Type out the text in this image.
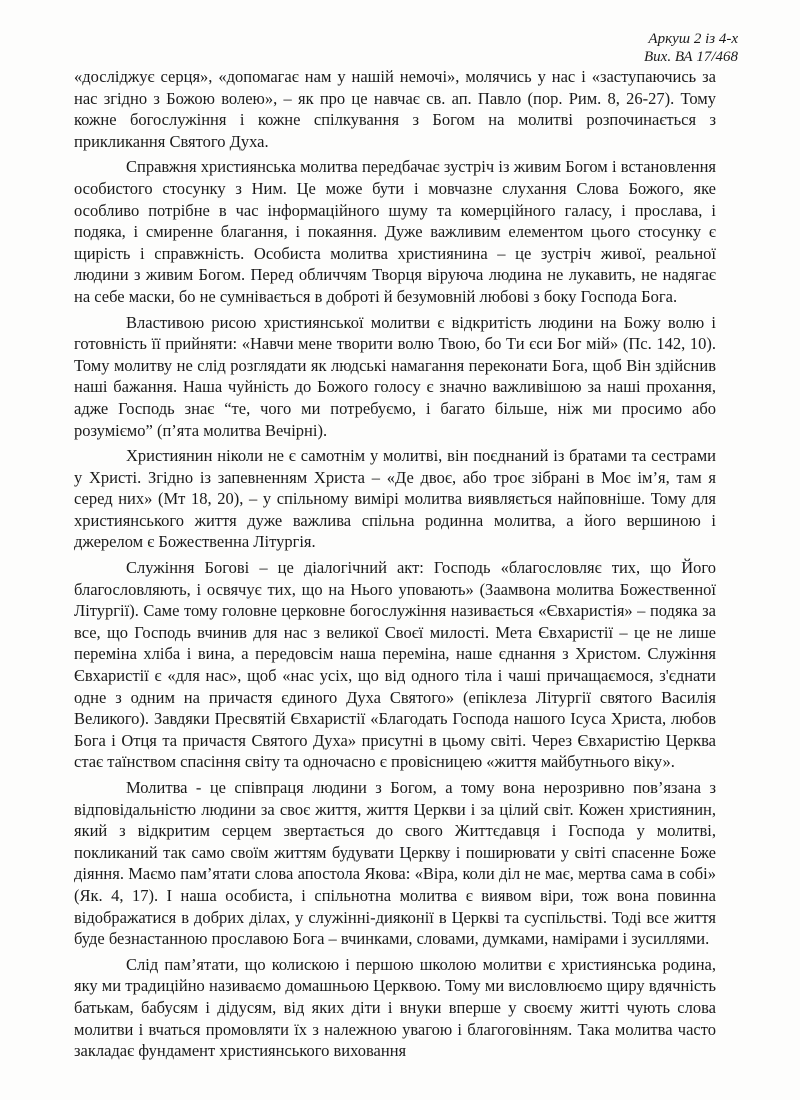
Аркуш 2 із 4-х
Вих. ВА 17/468

«досліджує серця», «допомагає нам у нашій немочі», молячись у нас і «заступаючись за нас згідно з Божою волею», – як про це навчає св. ап. Павло (пор. Рим. 8, 26-27). Тому кожне богослужіння і кожне спілкування з Богом на молитві розпочинається з прикликання Святого Духа.

Справжня християнська молитва передбачає зустріч із живим Богом і встановлення особистого стосунку з Ним. Це може бути і мовчазне слухання Слова Божого, яке особливо потрібне в час інформаційного шуму та комерційного галасу, і прослава, і подяка, і смиренне благання, і покаяння. Дуже важливим елементом цього стосунку є щирість і справжність. Особиста молитва християнина – це зустріч живої, реальної людини з живим Богом. Перед обличчям Творця віруюча людина не лукавить, не надягає на себе маски, бо не сумнівається в доброті й безумовній любові з боку Господа Бога.

Властивою рисою християнської молитви є відкритість людини на Божу волю і готовність її прийняти: «Навчи мене творити волю Твою, бо Ти єси Бог мій» (Пс. 142, 10). Тому молитву не слід розглядати як людські намагання переконати Бога, щоб Він здійснив наші бажання. Наша чуйність до Божого голосу є значно важливішою за наші прохання, адже Господь знає “те, чого ми потребуємо, і багато більше, ніж ми просимо або розуміємо” (п’ята молитва Вечірні).

Християнин ніколи не є самотнім у молитві, він поєднаний із братами та сестрами у Христі. Згідно із запевненням Христа – «Де двоє, або троє зібрані в Моє ім’я, там я серед них» (Мт 18, 20), – у спільному вимірі молитва виявляється найповніше. Тому для християнського життя дуже важлива спільна родинна молитва, а його вершиною і джерелом є Божественна Літургія.

Служіння Богові – це діалогічний акт: Господь «благословляє тих, що Його благословляють, і освячує тих, що на Нього уповають» (Заамвона молитва Божественної Літургії). Саме тому головне церковне богослужіння називається «Євхаристія» – подяка за все, що Господь вчинив для нас з великої Своєї милості. Мета Євхаристії – це не лише переміна хліба і вина, а передовсім наша переміна, наше єднання з Христом. Служіння Євхаристії є «для нас», щоб «нас усіх, що від одного тіла і чаші причащаємося, з'єднати одне з одним на причастя єдиного Духа Святого» (епіклеза Літургії святого Василія Великого). Завдяки Пресвятій Євхаристії «Благодать Господа нашого Ісуса Христа, любов Бога і Отця та причастя Святого Духа» присутні в цьому світі. Через Євхаристію Церква стає таїнством спасіння світу та одночасно є провісницею «життя майбутнього віку».

Молитва - це співпраця людини з Богом, а тому вона нерозривно пов’язана з відповідальністю людини за своє життя, життя Церкви і за цілий світ. Кожен християнин, який з відкритим серцем звертається до свого Життєдавця і Господа у молитві, покликаний так само своїм життям будувати Церкву і поширювати у світі спасенне Боже діяння. Маємо пам’ятати слова апостола Якова: «Віра, коли діл не має, мертва сама в собі» (Як. 4, 17). І наша особиста, і спільнотна молитва є виявом віри, тож вона повинна відображатися в добрих ділах, у служінні-дияконії в Церкві та суспільстві. Тоді все життя буде безнастанною прославою Бога – вчинками, словами, думками, намірами і зусиллями.

Слід пам’ятати, що колискою і першою школою молитви є християнська родина, яку ми традиційно називаємо домашньою Церквою. Тому ми висловлюємо щиру вдячність батькам, бабусям і дідусям, від яких діти і внуки вперше у своєму житті чують слова молитви і вчаться промовляти їх з належною увагою і благоговінням. Така молитва часто закладає фундамент християнського виховання
